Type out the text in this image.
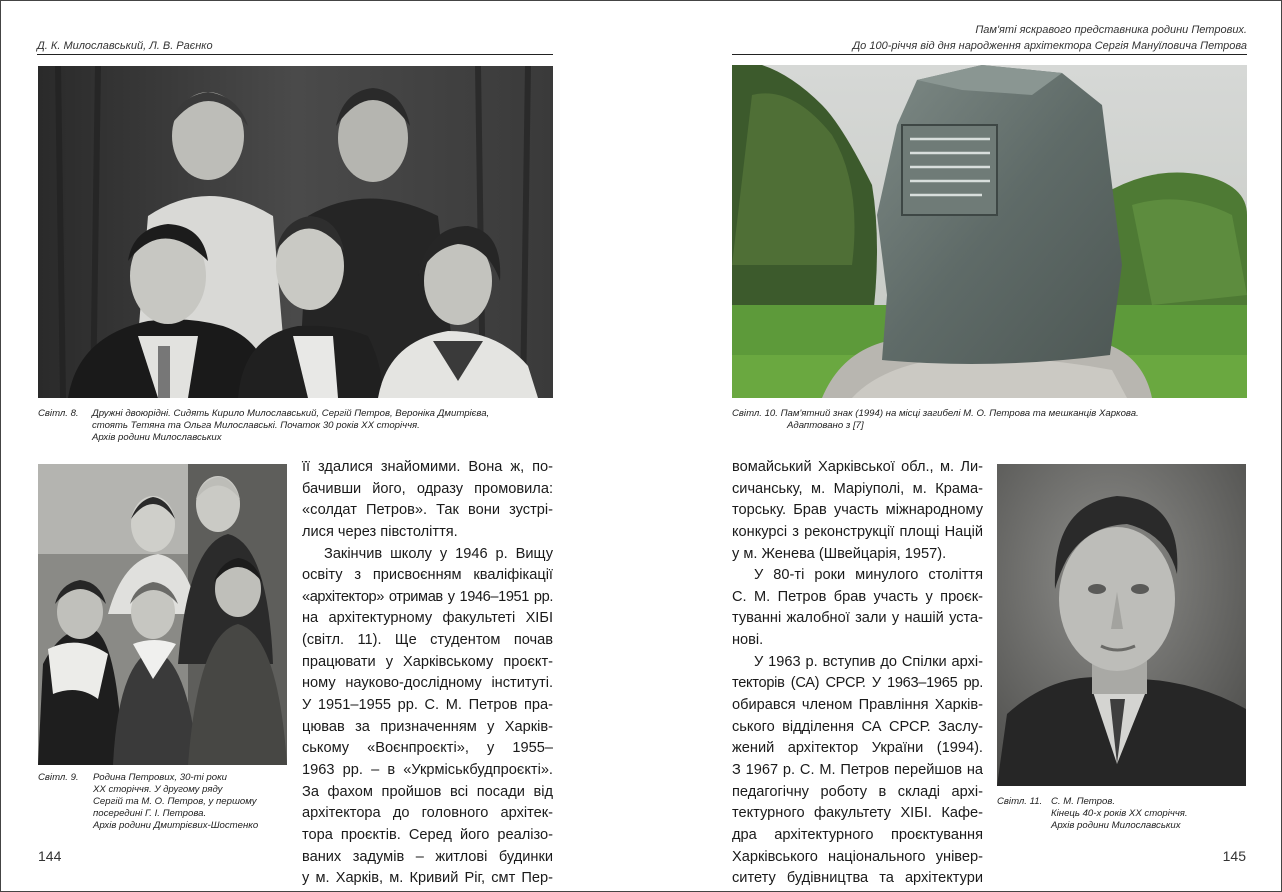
Д. К. Милославський, Л. В. Раєнко
Світл. 8. Дружні двоюрідні. Сидять Кирило Милославський, Сергій Петров, Вероніка Дмитрієва,
стоять Тетяна та Ольга Милославські. Початок 30 років ХХ сторіччя.
Архів родини Милославських
Світл. 9. Родина Петрових, 30-ті роки
ХХ сторіччя. У другому ряду
Сергій та М. О. Петров, у першому
посередині Г. І. Петрова.
Архів родини Дмитрієвих-Шостенко
її здалися знайомими. Вона ж, по-
бачивши його, одразу промовила:
«солдат Петров». Так вони зустрі-
лися через півстоліття.
Закінчив школу у 1946 р. Вищу
освіту з присвоєнням кваліфікації
«архітектор» отримав у 1946–1951 рр.
на архітектурному факультеті ХІБІ
(світл. 11). Ще студентом почав
працювати у Харківському проєкт-
ному науково-дослідному інституті.
У 1951–1955 рр. С. М. Петров пра-
цював за призначенням у Харків-
ському «Воєнпроєкті», у 1955–
1963 рр. – в «Укрміськбудпроєкті».
За фахом пройшов всі посади від
архітектора до головного архітек-
тора проєктів. Серед його реалізо-
ваних задумів – житлові будинки
у м. Харків, м. Кривий Ріг, смт Пер-
144
Пам'яті яскравого представника родини Петрових.
До 100-річчя від дня народження архітектора Сергія Мануїловича Петрова
Світл. 10. Пам'ятний знак (1994) на місці загибелі М. О. Петрова та мешканців Харкова.
Адаптовано з [7]
вомайський Харківської обл., м. Ли-
сичанську, м. Маріуполі, м. Крама-
торську. Брав участь міжнародному
конкурсі з реконструкції площі Націй
у м. Женева (Швейцарія, 1957).
У 80-ті роки минулого століття
С. М. Петров брав участь у проєк-
туванні жалобної зали у нашій уста-
нові.
У 1963 р. вступив до Спілки архі-
текторів (СА) СРСР. У 1963–1965 рр.
обирався членом Правління Харків-
ського відділення СА СРСР. Заслу-
жений архітектор України (1994).
З 1967 р. С. М. Петров перейшов на
педагогічну роботу в складі архі-
тектурного факультету ХІБІ. Кафе-
дра архітектурного проєктування
Харківського національного універ-
ситету будівництва та архітектури
Світл. 11. С. М. Петров.
Кінець 40-х років ХХ сторіччя.
Архів родини Милославських
145
